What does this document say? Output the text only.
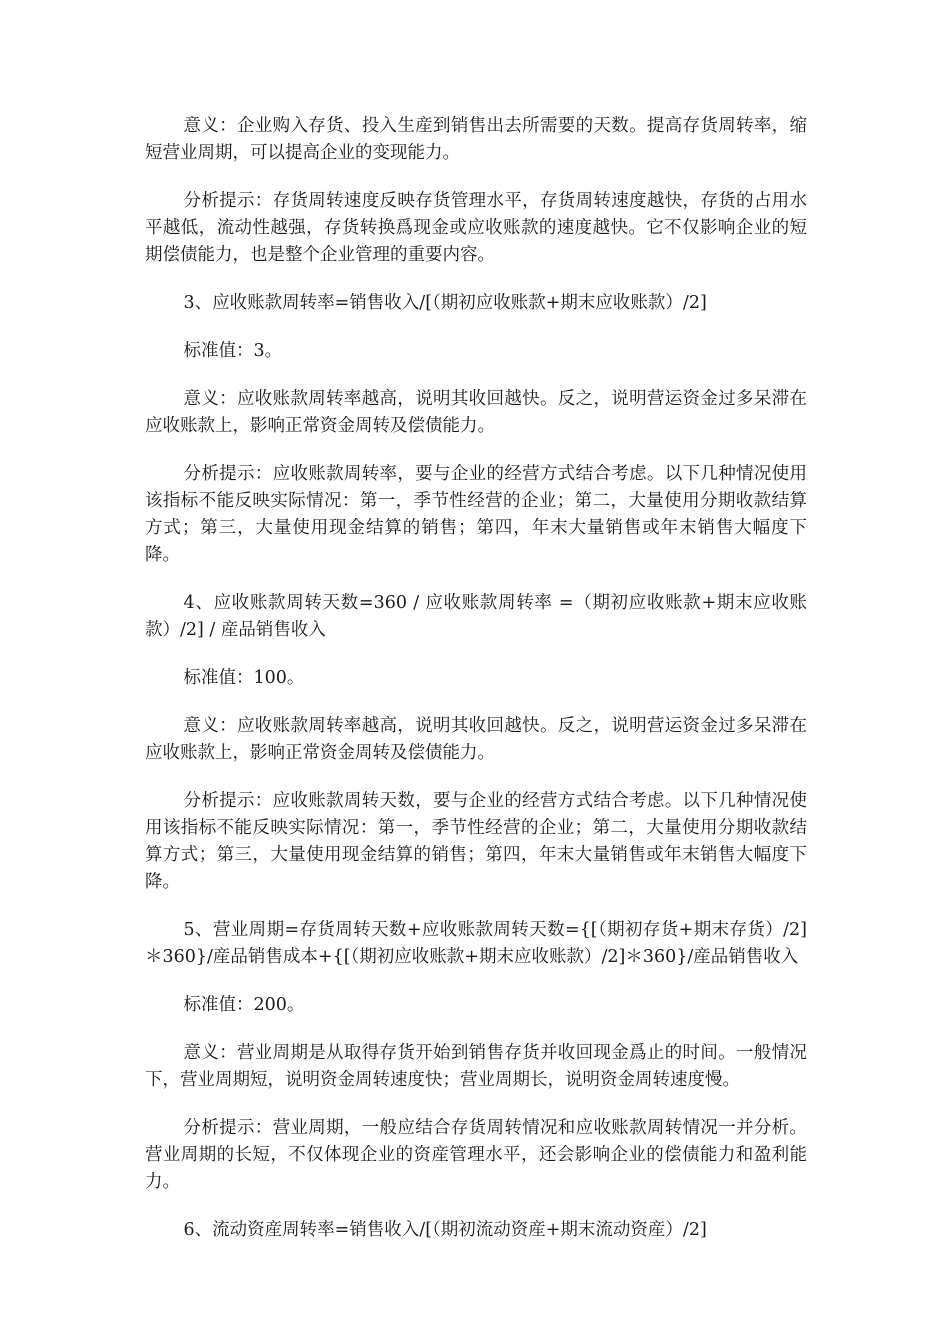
意义：企业购入存货、投入生産到销售出去所需要的天数。提高存货周转率，缩短营业周期，可以提高企业的变现能力。

分析提示：存货周转速度反映存货管理水平，存货周转速度越快，存货的占用水平越低，流动性越强，存货转换爲现金或应收账款的速度越快。它不仅影响企业的短期偿债能力，也是整个企业管理的重要内容。

3、应收账款周转率=销售收入/[（期初应收账款+期末应收账款）/2]

标准值：3。

意义：应收账款周转率越高，说明其收回越快。反之，说明营运资金过多呆滞在应收账款上，影响正常资金周转及偿债能力。

分析提示：应收账款周转率，要与企业的经营方式结合考虑。以下几种情况使用该指标不能反映实际情况：第一，季节性经营的企业；第二，大量使用分期收款结算方式；第三，大量使用现金结算的销售；第四，年末大量销售或年末销售大幅度下降。

4、应收账款周转天数=360 / 应收账款周转率 =（期初应收账款+期末应收账款）/2] / 産品销售收入

标准值：100。

意义：应收账款周转率越高，说明其收回越快。反之，说明营运资金过多呆滞在应收账款上，影响正常资金周转及偿债能力。

分析提示：应收账款周转天数，要与企业的经营方式结合考虑。以下几种情况使用该指标不能反映实际情况：第一，季节性经营的企业；第二，大量使用分期收款结算方式；第三，大量使用现金结算的销售；第四，年末大量销售或年末销售大幅度下降。

5、营业周期=存货周转天数+应收账款周转天数={[（期初存货+期末存货）/2]＊360}/産品销售成本+{[（期初应收账款+期末应收账款）/2]＊360}/産品销售收入

标准值：200。

意义：营业周期是从取得存货开始到销售存货并收回现金爲止的时间。一般情况下，营业周期短，说明资金周转速度快；营业周期长，说明资金周转速度慢。

分析提示：营业周期，一般应结合存货周转情况和应收账款周转情况一并分析。营业周期的长短，不仅体现企业的资産管理水平，还会影响企业的偿债能力和盈利能力。

6、流动资産周转率=销售收入/[（期初流动资産+期末流动资産）/2]
